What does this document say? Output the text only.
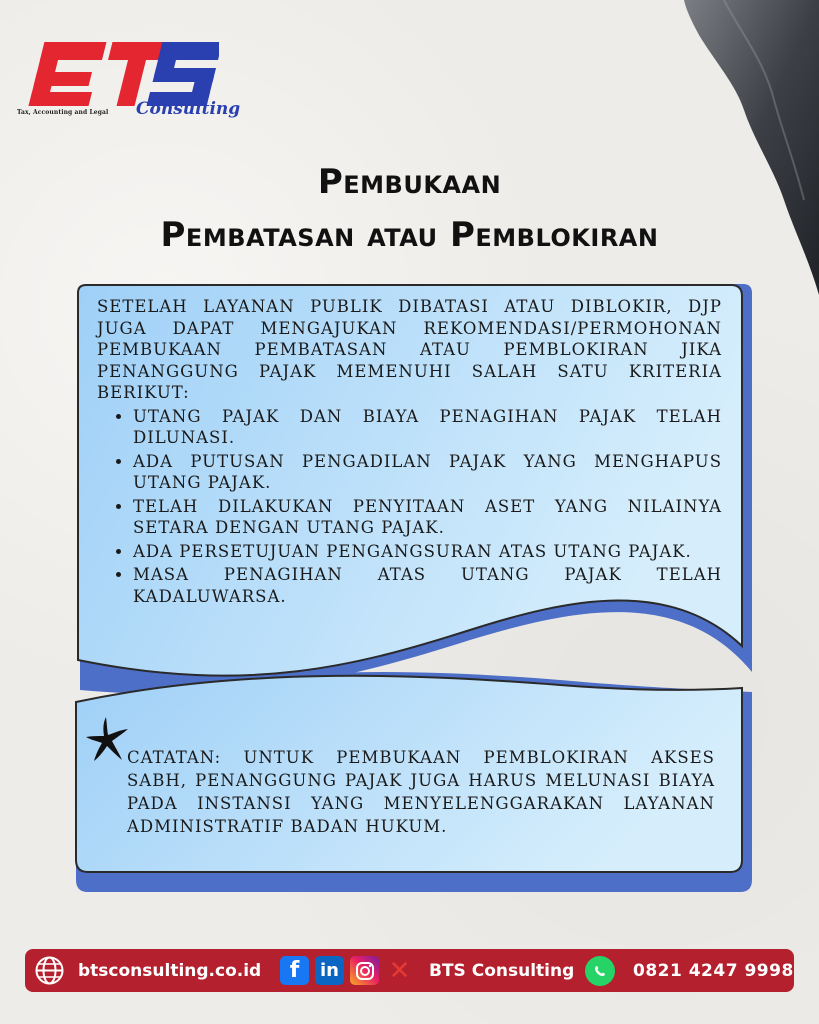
Tax, Accounting and Legal Consulting
Pembukaan
Pembatasan atau Pemblokiran

SETELAH LAYANAN PUBLIK DIBATASI ATAU DIBLOKIR, DJP JUGA DAPAT MENGAJUKAN REKOMENDASI/PERMOHONAN PEMBUKAAN PEMBATASAN ATAU PEMBLOKIRAN JIKA PENANGGUNG PAJAK MEMENUHI SALAH SATU KRITERIA BERIKUT:

• UTANG PAJAK DAN BIAYA PENAGIHAN PAJAK TELAH DILUNASI.
• ADA PUTUSAN PENGADILAN PAJAK YANG MENGHAPUS UTANG PAJAK.
• TELAH DILAKUKAN PENYITAAN ASET YANG NILAINYA SETARA DENGAN UTANG PAJAK.
• ADA PERSETUJUAN PENGANGSURAN ATAS UTANG PAJAK.
• MASA PENAGIHAN ATAS UTANG PAJAK TELAH KADALUWARSA.
CATATAN: UNTUK PEMBUKAAN PEMBLOKIRAN AKSES SABH, PENANGGUNG PAJAK JUGA HARUS MELUNASI BIAYA PADA INSTANSI YANG MENYELENGGARAKAN LAYANAN ADMINISTRATIF BADAN HUKUM.
btsconsulting.co.id	f	in ✕ BTS Consulting	0821 4247 9998
